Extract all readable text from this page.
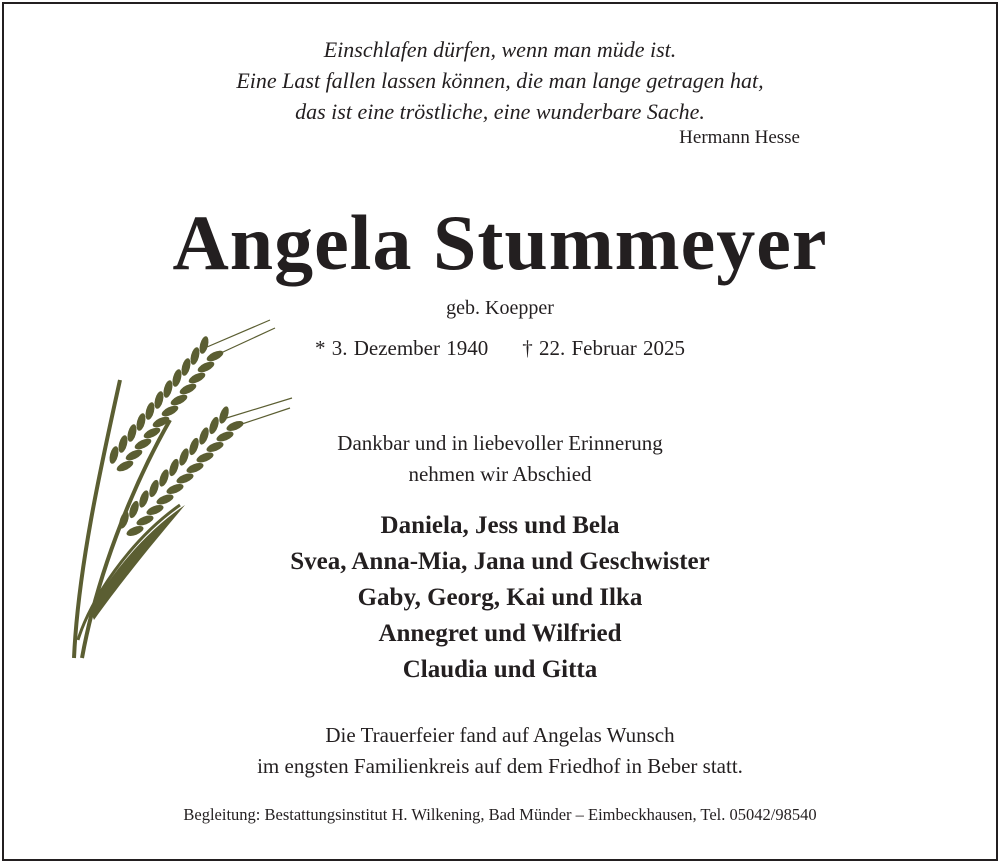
Einschlafen dürfen, wenn man müde ist.
Eine Last fallen lassen können, die man lange getragen hat,
das ist eine tröstliche, eine wunderbare Sache.
Hermann Hesse
Angela Stummeyer
geb. Koepper
* 3. Dezember 1940 † 22. Februar 2025
Dankbar und in liebevoller Erinnerung
nehmen wir Abschied
Daniela, Jess und Bela
Svea, Anna-Mia, Jana und Geschwister
Gaby, Georg, Kai und Ilka
Annegret und Wilfried
Claudia und Gitta
Die Trauerfeier fand auf Angelas Wunsch
im engsten Familienkreis auf dem Friedhof in Beber statt.
Begleitung: Bestattungsinstitut H. Wilkening, Bad Münder – Eimbeckhausen, Tel. 05042/98540
